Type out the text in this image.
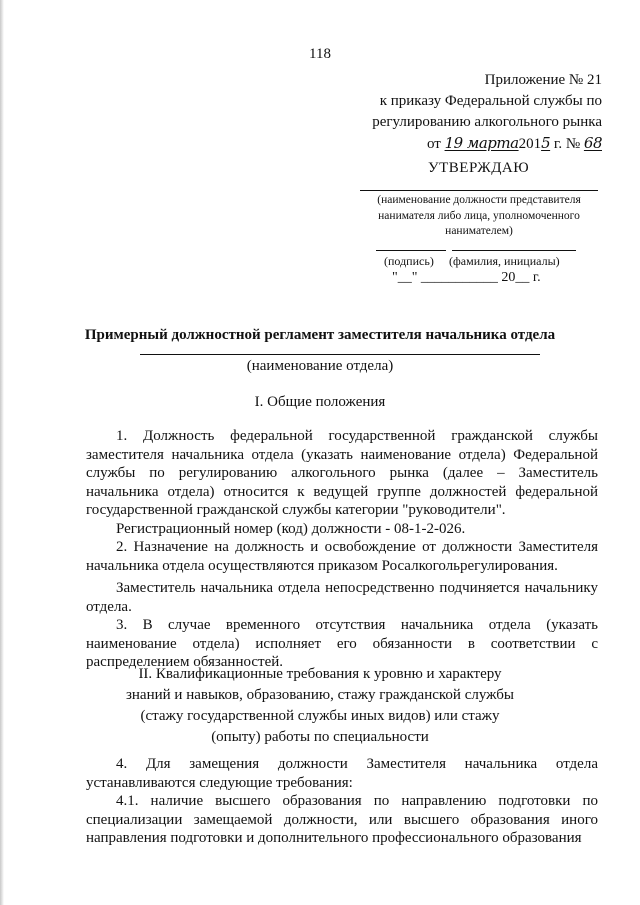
118
Приложение № 21
к приказу Федеральной службы по
регулированию алкогольного рынка
от 19 марта2015 г. № 68
УТВЕРЖДАЮ
(наименование должности представителя нанимателя либо лица, уполномоченного нанимателем)
(подпись) (фамилия, инициалы)
"__" ___________ 20__ г.
Примерный должностной регламент заместителя начальника отдела
(наименование отдела)
I. Общие положения

1. Должность федеральной государственной гражданской службы заместителя начальника отдела (указать наименование отдела) Федеральной службы по регулированию алкогольного рынка (далее – Заместитель начальника отдела) относится к ведущей группе должностей федеральной государственной гражданской службы категории "руководители".

Регистрационный номер (код) должности - 08-1-2-026.

2. Назначение на должность и освобождение от должности Заместителя начальника отдела осуществляются приказом Росалкогольрегулирования.

Заместитель начальника отдела непосредственно подчиняется начальнику отдела.

3. В случае временного отсутствия начальника отдела (указать наименование отдела) исполняет его обязанности в соответствии с распределением обязанностей.

II. Квалификационные требования к уровню и характеру
знаний и навыков, образованию, стажу гражданской службы
(стажу государственной службы иных видов) или стажу
(опыту) работы по специальности

4. Для замещения должности Заместителя начальника отдела устанавливаются следующие требования:

4.1. наличие высшего образования по направлению подготовки по специализации замещаемой должности, или высшего образования иного направления подготовки и дополнительного профессионального образования
